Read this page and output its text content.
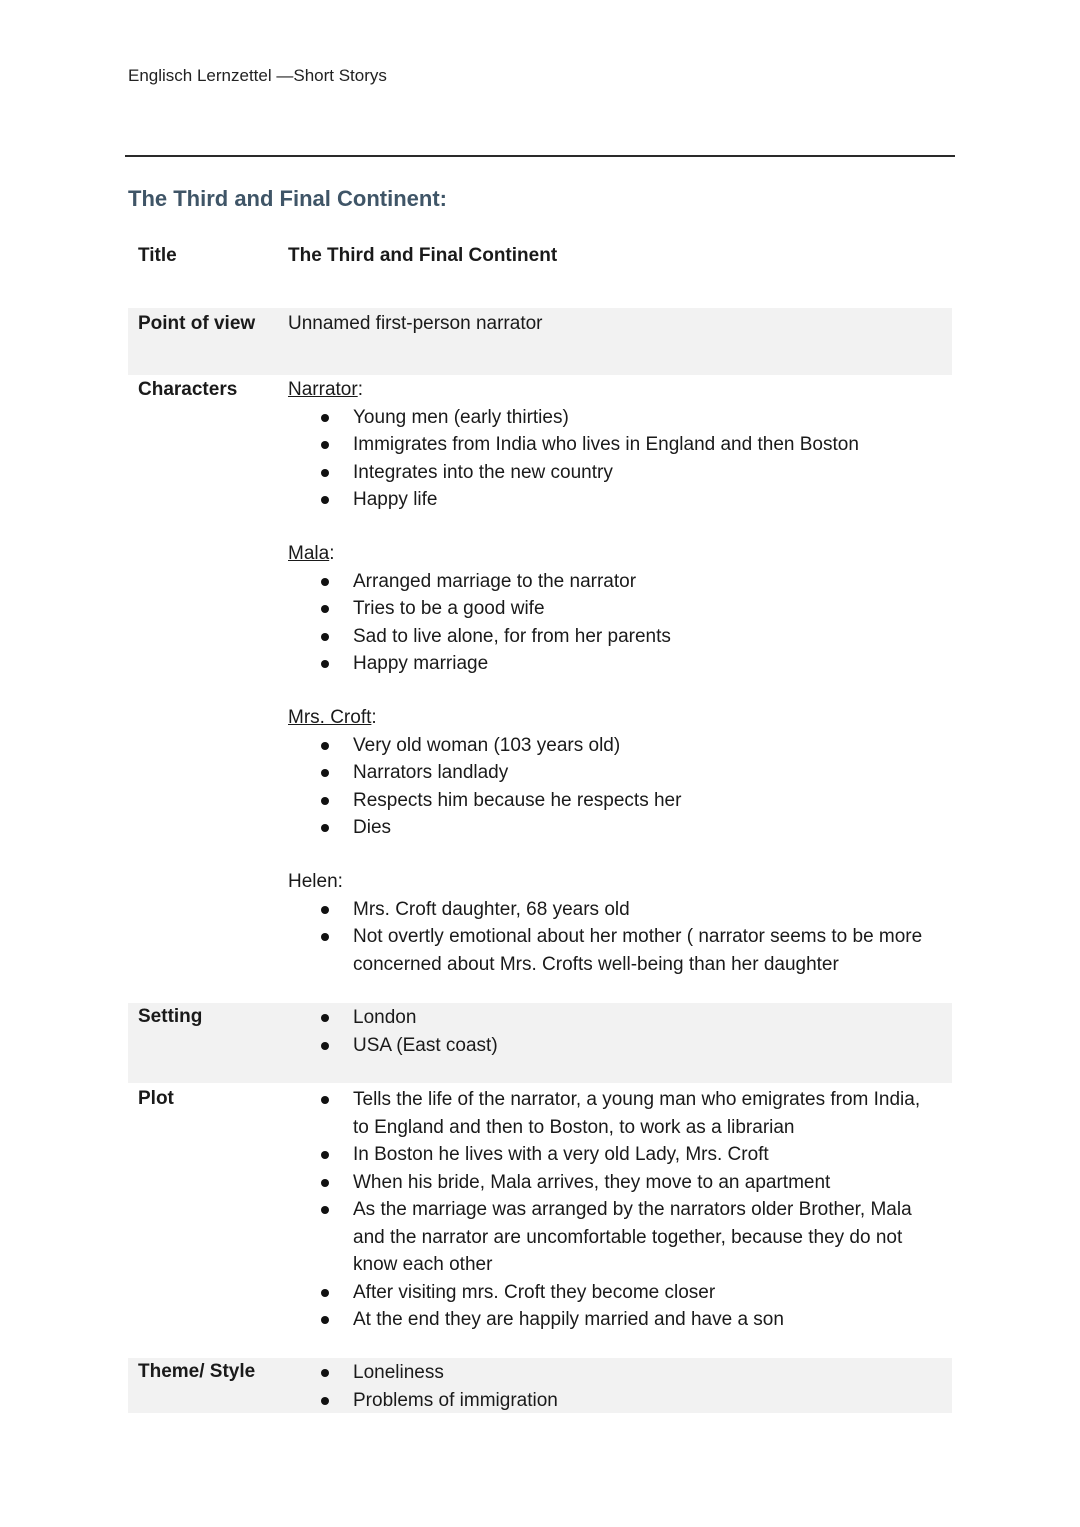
Englisch Lernzettel —Short Storys
The Third and Final Continent:
Title	The Third and Final Continent
Point of view Unnamed first-person narrator
Characters	Narrator:
Young men (early thirties)
Immigrates from India who lives in England and then Boston
Integrates into the new country
Happy life
Mala:
Arranged marriage to the narrator
Tries to be a good wife
Sad to live alone, for from her parents
Happy marriage
Mrs. Croft:
Very old woman (103 years old)
Narrators landlady
Respects him because he respects her
Dies
Helen:
Mrs. Croft daughter, 68 years old
Not overtly emotional about her mother ( narrator seems to be more concerned about Mrs. Crofts well-being than her daughter
Setting	London
USA (East coast)
Plot	Tells the life of the narrator, a young man who emigrates from India, to England and then to Boston, to work as a librarian
In Boston he lives with a very old Lady, Mrs. Croft
When his bride, Mala arrives, they move to an apartment
As the marriage was arranged by the narrators older Brother, Mala and the narrator are uncomfortable together, because they do not know each other
After visiting mrs. Croft they become closer
At the end they are happily married and have a son
Theme/ Style	Loneliness
Problems of immigration
